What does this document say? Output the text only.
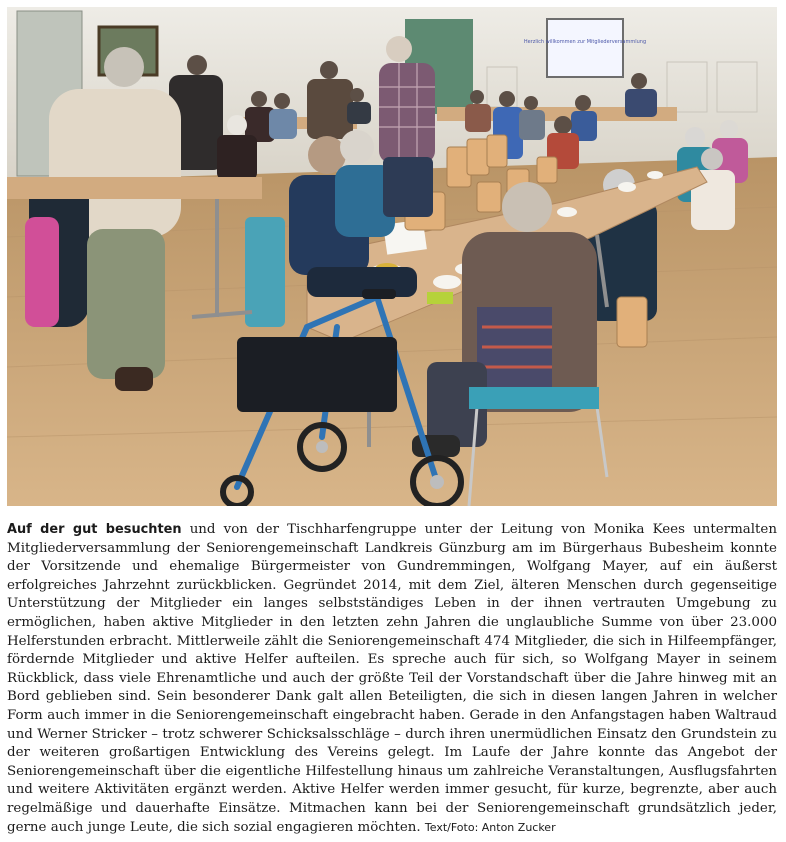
Herzlich willkommen zur Mitgliederversammlung
Auf der gut besuchten und von der Tischharfengruppe unter der Leitung von Monika Kees untermalten Mitgliederversammlung der Seniorengemeinschaft Landkreis Günzburg am im Bürgerhaus Bubesheim konnte der Vorsitzende und ehemalige Bürgermeister von Gundremmingen, Wolfgang Mayer, auf ein äußerst erfolgreiches Jahrzehnt zurückblicken. Gegründet 2014, mit dem Ziel, älteren Menschen durch gegenseitige Unterstützung der Mitglieder ein langes selbstständiges Leben in der ihnen vertrauten Umgebung zu ermöglichen, haben aktive Mitglieder in den letzten zehn Jahren die unglaubliche Summe von über 23.000 Helferstunden erbracht. Mittlerweile zählt die Seniorengemeinschaft 474 Mitglieder, die sich in Hilfeempfänger, fördernde Mitglieder und aktive Helfer aufteilen. Es spreche auch für sich, so Wolfgang Mayer in seinem Rückblick, dass viele Ehrenamtliche und auch der größte Teil der Vorstandschaft über die Jahre hinweg mit an Bord geblieben sind. Sein besonderer Dank galt allen Beteiligten, die sich in diesen langen Jahren in welcher Form auch immer in die Seniorengemeinschaft eingebracht haben. Gerade in den Anfangstagen haben Waltraud und Werner Stricker – trotz schwerer Schicksalsschläge – durch ihren unermüdlichen Einsatz den Grundstein zu der weiteren großartigen Entwicklung des Vereins gelegt. Im Laufe der Jahre konnte das Angebot der Seniorengemeinschaft über die eigentliche Hilfestellung hinaus um zahlreiche Veranstaltungen, Ausflugsfahrten und weitere Aktivitäten ergänzt werden. Aktive Helfer werden immer gesucht, für kurze, begrenzte, aber auch regelmäßige und dauerhafte Einsätze. Mitmachen kann bei der Seniorengemeinschaft grundsätzlich jeder, gerne auch junge Leute, die sich sozial engagieren möchten. Text/Foto: Anton Zucker
